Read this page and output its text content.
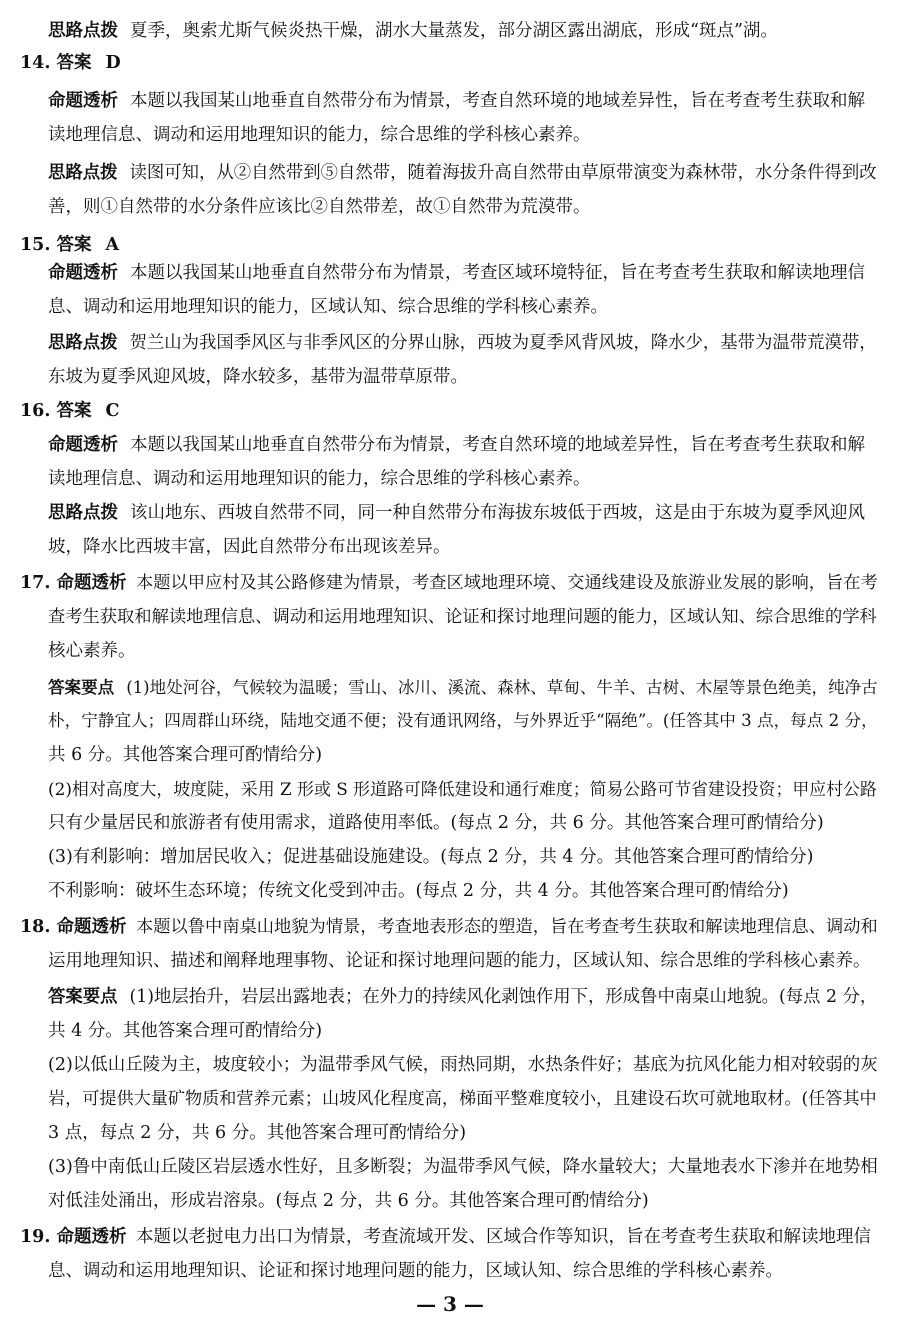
思路点拨 夏季，奥索尤斯气候炎热干燥，湖水大量蒸发，部分湖区露出湖底，形成“斑点”湖。
14. 答案 D
命题透析 本题以我国某山地垂直自然带分布为情景，考查自然环境的地域差异性，旨在考查考生获取和解
读地理信息、调动和运用地理知识的能力，综合思维的学科核心素养。
思路点拨 读图可知，从②自然带到⑤自然带，随着海拔升高自然带由草原带演变为森林带，水分条件得到改
善，则①自然带的水分条件应该比②自然带差，故①自然带为荒漠带。
15. 答案 A
命题透析 本题以我国某山地垂直自然带分布为情景，考查区域环境特征，旨在考查考生获取和解读地理信
息、调动和运用地理知识的能力，区域认知、综合思维的学科核心素养。
思路点拨 贺兰山为我国季风区与非季风区的分界山脉，西坡为夏季风背风坡，降水少，基带为温带荒漠带，
东坡为夏季风迎风坡，降水较多，基带为温带草原带。
16. 答案 C
命题透析 本题以我国某山地垂直自然带分布为情景，考查自然环境的地域差异性，旨在考查考生获取和解
读地理信息、调动和运用地理知识的能力，综合思维的学科核心素养。
思路点拨 该山地东、西坡自然带不同，同一种自然带分布海拔东坡低于西坡，这是由于东坡为夏季风迎风
坡，降水比西坡丰富，因此自然带分布出现该差异。
17. 命题透析 本题以甲应村及其公路修建为情景，考查区域地理环境、交通线建设及旅游业发展的影响，旨在考
查考生获取和解读地理信息、调动和运用地理知识、论证和探讨地理问题的能力，区域认知、综合思维的学科
核心素养。
答案要点 (1)地处河谷，气候较为温暖；雪山、冰川、溪流、森林、草甸、牛羊、古树、木屋等景色绝美，纯净古
朴，宁静宜人；四周群山环绕，陆地交通不便；没有通讯网络，与外界近乎“隔绝”。(任答其中 3 点，每点 2 分，
共 6 分。其他答案合理可酌情给分)
(2)相对高度大，坡度陡，采用 Z 形或 S 形道路可降低建设和通行难度；简易公路可节省建设投资；甲应村公路
只有少量居民和旅游者有使用需求，道路使用率低。(每点 2 分，共 6 分。其他答案合理可酌情给分)
(3)有利影响：增加居民收入；促进基础设施建设。(每点 2 分，共 4 分。其他答案合理可酌情给分)
不利影响：破坏生态环境；传统文化受到冲击。(每点 2 分，共 4 分。其他答案合理可酌情给分)
18. 命题透析 本题以鲁中南桌山地貌为情景，考查地表形态的塑造，旨在考查考生获取和解读地理信息、调动和
运用地理知识、描述和阐释地理事物、论证和探讨地理问题的能力，区域认知、综合思维的学科核心素养。
答案要点 (1)地层抬升，岩层出露地表；在外力的持续风化剥蚀作用下，形成鲁中南桌山地貌。(每点 2 分，
共 4 分。其他答案合理可酌情给分)
(2)以低山丘陵为主，坡度较小；为温带季风气候，雨热同期，水热条件好；基底为抗风化能力相对较弱的灰
岩，可提供大量矿物质和营养元素；山坡风化程度高，梯面平整难度较小，且建设石坎可就地取材。(任答其中
3 点，每点 2 分，共 6 分。其他答案合理可酌情给分)
(3)鲁中南低山丘陵区岩层透水性好，且多断裂；为温带季风气候，降水量较大；大量地表水下渗并在地势相
对低洼处涌出，形成岩溶泉。(每点 2 分，共 6 分。其他答案合理可酌情给分)
19. 命题透析 本题以老挝电力出口为情景，考查流域开发、区域合作等知识，旨在考查考生获取和解读地理信
息、调动和运用地理知识、论证和探讨地理问题的能力，区域认知、综合思维的学科核心素养。
— 3 —
